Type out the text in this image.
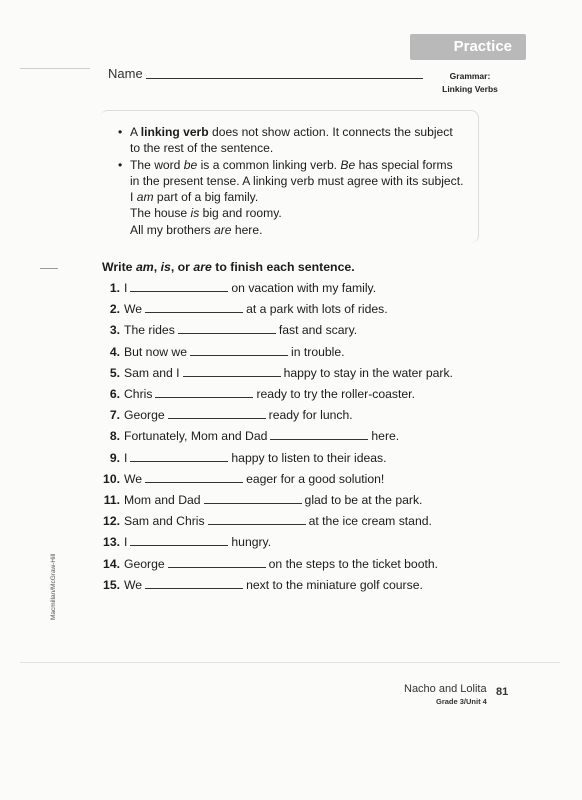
Practice
Grammar:
Linking Verbs
Name
• A linking verb does not show action. It connects the subject
to the rest of the sentence.
• The word be is a common linking verb. Be has special forms
in the present tense. A linking verb must agree with its subject.
I am part of a big family.
The house is big and roomy.
All my brothers are here.
Write am, is, or are to finish each sentence.
1. I	on vacation with my family.
2. We	at a park with lots of rides.
3. The rides	fast and scary.
4. But now we	in trouble.
5. Sam and I	happy to stay in the water park.
6. Chris	ready to try the roller-coaster.
7. George	ready for lunch.
8. Fortunately, Mom and Dad	here.
9. I	happy to listen to their ideas.
10. We	eager for a good solution!
11. Mom and Dad	glad to be at the park.
12. Sam and Chris	at the ice cream stand.
13. I	hungry.
14. George	on the steps to the ticket booth.
15. We	next to the miniature golf course.
Macmillan/McGraw-Hill
Nacho and Lolita
Grade 3/Unit 4
81
